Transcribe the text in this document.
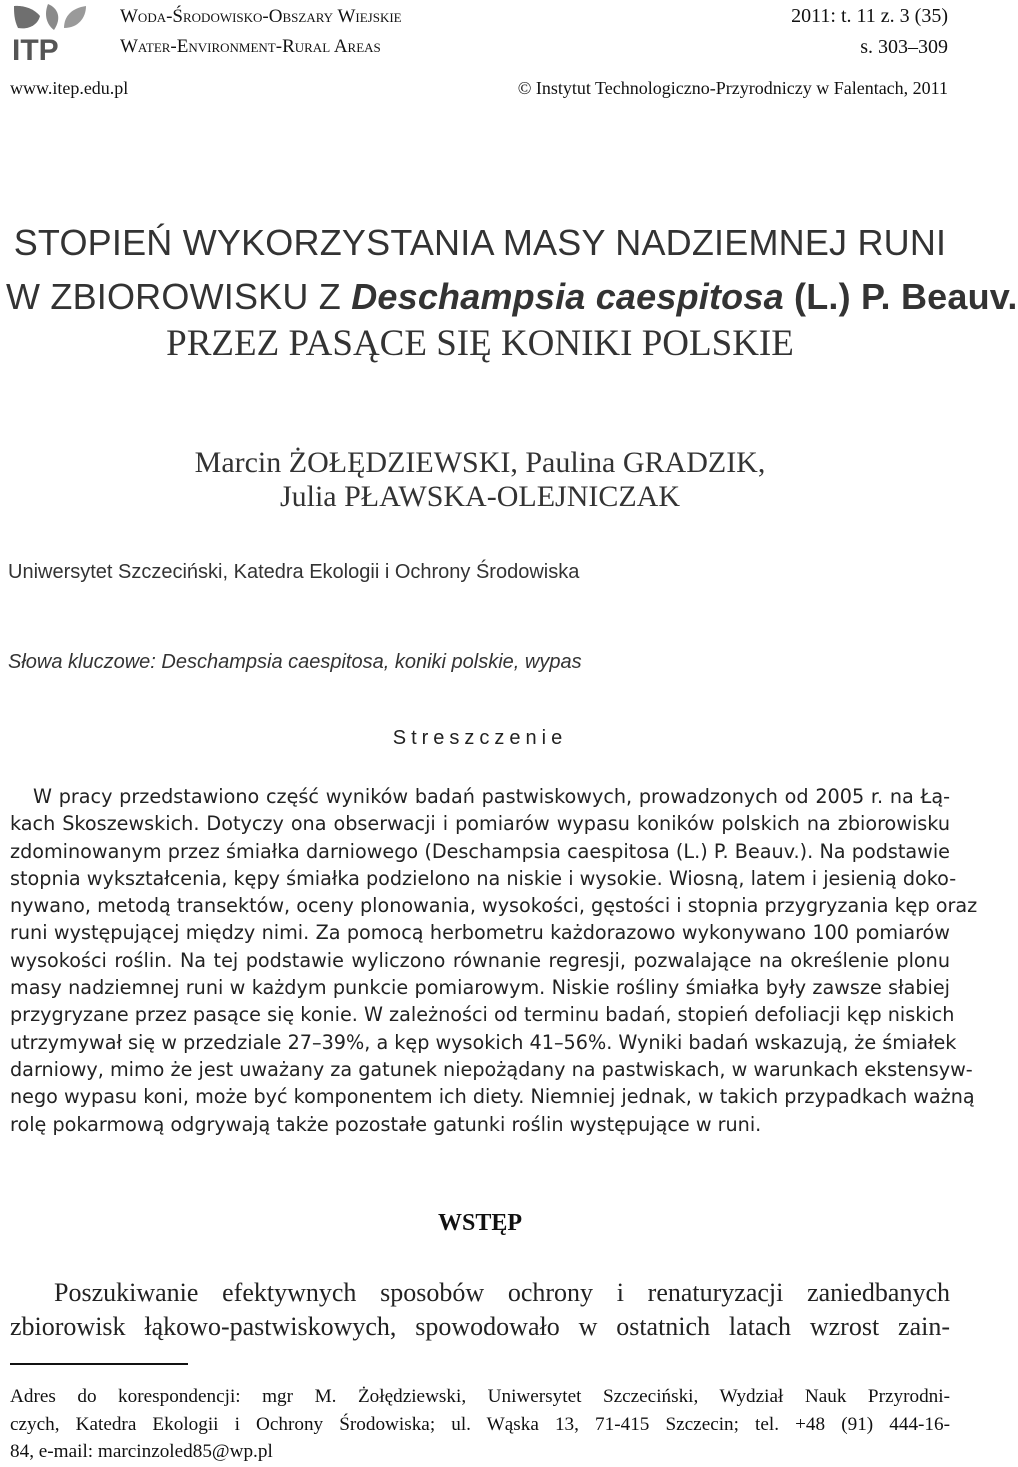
ITP
Woda-Środowisko-Obszary Wiejskie
Water-Environment-Rural Areas
2011: t. 11 z. 3 (35)
s. 303–309
www.itep.edu.pl	© Instytut Technologiczno-Przyrodniczy w Falentach, 2011
STOPIEŃ WYKORZYSTANIA MASY NADZIEMNEJ RUNI
W ZBIOROWISKU Z Deschampsia caespitosa (L.) P. Beauv.
PRZEZ PASĄCE SIĘ KONIKI POLSKIE
Marcin ŻOŁĘDZIEWSKI, Paulina GRADZIK,
Julia PŁAWSKA-OLEJNICZAK
Uniwersytet Szczeciński, Katedra Ekologii i Ochrony Środowiska
Słowa kluczowe: Deschampsia caespitosa, koniki polskie, wypas
Streszczenie
W pracy przedstawiono część wyników badań pastwiskowych, prowadzonych od 2005 r. na Łą-
kach Skoszewskich. Dotyczy ona obserwacji i pomiarów wypasu koników polskich na zbiorowisku
zdominowanym przez śmiałka darniowego (Deschampsia caespitosa (L.) P. Beauv.). Na podstawie
stopnia wykształcenia, kępy śmiałka podzielono na niskie i wysokie. Wiosną, latem i jesienią doko-
nywano, metodą transektów, oceny plonowania, wysokości, gęstości i stopnia przygryzania kęp oraz
runi występującej między nimi. Za pomocą herbometru każdorazowo wykonywano 100 pomiarów
wysokości roślin. Na tej podstawie wyliczono równanie regresji, pozwalające na określenie plonu
masy nadziemnej runi w każdym punkcie pomiarowym. Niskie rośliny śmiałka były zawsze słabiej
przygryzane przez pasące się konie. W zależności od terminu badań, stopień defoliacji kęp niskich
utrzymywał się w przedziale 27–39%, a kęp wysokich 41–56%. Wyniki badań wskazują, że śmiałek
darniowy, mimo że jest uważany za gatunek niepożądany na pastwiskach, w warunkach ekstensyw-
nego wypasu koni, może być komponentem ich diety. Niemniej jednak, w takich przypadkach ważną
rolę pokarmową odgrywają także pozostałe gatunki roślin występujące w runi.
WSTĘP
Poszukiwanie efektywnych sposobów ochrony i renaturyzacji zaniedbanych
zbiorowisk łąkowo-pastwiskowych, spowodowało w ostatnich latach wzrost zain-
Adres do korespondencji: mgr M. Żołędziewski, Uniwersytet Szczeciński, Wydział Nauk Przyrodni-
czych, Katedra Ekologii i Ochrony Środowiska; ul. Wąska 13, 71-415 Szczecin; tel. +48 (91) 444-16-
84, e-mail: marcinzoled85@wp.pl
